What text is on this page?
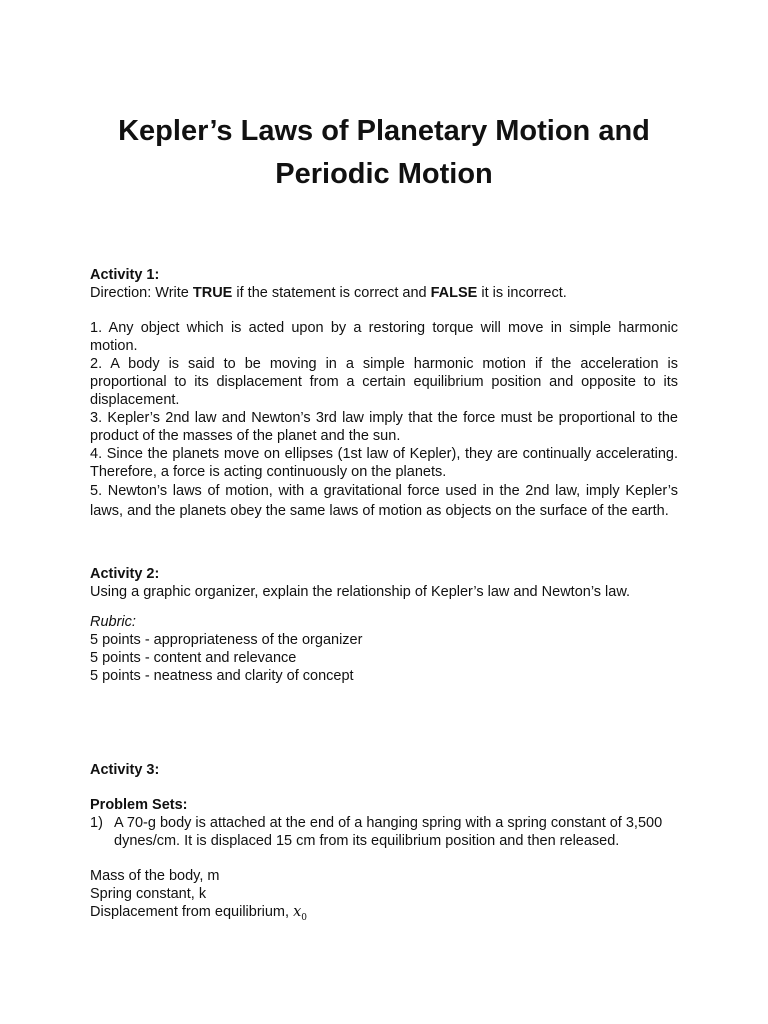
Kepler’s Laws of Planetary Motion and
Periodic Motion

Activity 1:

Direction: Write TRUE if the statement is correct and FALSE it is incorrect.

1. Any object which is acted upon by a restoring torque will move in simple harmonic motion.

2. A body is said to be moving in a simple harmonic motion if the acceleration is proportional to its displacement from a certain equilibrium position and opposite to its displacement.

3. Kepler’s 2nd law and Newton’s 3rd law imply that the force must be proportional to the product of the masses of the planet and the sun.

4. Since the planets move on ellipses (1st law of Kepler), they are continually accelerating. Therefore, a force is acting continuously on the planets.

5. Newton’s laws of motion, with a gravitational force used in the 2nd law, imply Kepler’s laws, and the planets obey the same laws of motion as objects on the surface of the earth.

Activity 2:

Using a graphic organizer, explain the relationship of Kepler’s law and Newton’s law.

Rubric:

5 points - appropriateness of the organizer

5 points - content and relevance

5 points - neatness and clarity of concept

Activity 3:

Problem Sets:

1) A 70-g body is attached at the end of a hanging spring with a spring constant of 3,500 dynes/cm. It is displaced 15 cm from its equilibrium position and then released.

Mass of the body, m

Spring constant, k

Displacement from equilibrium, $x_0$
